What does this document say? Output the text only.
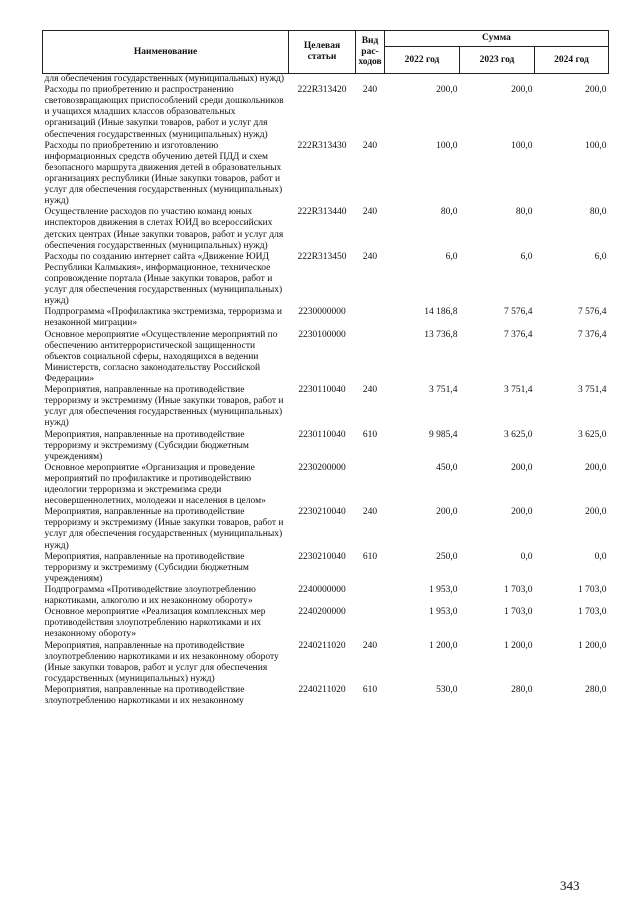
Наименование	Целевая статьи	Вид рас-ходов	Сумма		
			2022 год	2023 год	2024 год
для обеспечения государственных (муниципальных) нужд)					
Расходы по приобретению и распространению световозвращающих приспособлений среди дошкольников и учащихся младших классов образовательных организаций (Иные закупки товаров, работ и услуг для обеспечения государственных (муниципальных) нужд)	222R313420	240	200,0	200,0	200,0
Расходы по приобретению и изготовлению информационных средств обучению детей ПДД и схем безопасного маршрута движения детей в образовательных организациях республики (Иные закупки товаров, работ и услуг для обеспечения государственных (муниципальных) нужд)	222R313430	240	100,0	100,0	100,0
Осуществление расходов по участию команд юных инспекторов движения в слетах ЮИД во всероссийских детских центрах (Иные закупки товаров, работ и услуг для обеспечения государственных (муниципальных) нужд)	222R313440	240	80,0	80,0	80,0
Расходы по созданию интернет сайта «Движение ЮИД Республики Калмыкия», информационное, техническое сопровождение портала (Иные закупки товаров, работ и услуг для обеспечения государственных (муниципальных) нужд)	222R313450	240	6,0	6,0	6,0
Подпрограмма «Профилактика экстремизма, терроризма и незаконной миграции»	2230000000		14 186,8	7 576,4	7 576,4
Основное мероприятие «Осуществление мероприятий по обеспечению антитеррористической защищенности объектов социальной сферы, находящихся в ведении Министерств, согласно законодательству Российской Федерации»	2230100000		13 736,8	7 376,4	7 376,4
Мероприятия, направленные на противодействие терроризму и экстремизму (Иные закупки товаров, работ и услуг для обеспечения государственных (муниципальных) нужд)	2230110040	240	3 751,4	3 751,4	3 751,4
Мероприятия, направленные на противодействие терроризму и экстремизму (Субсидии бюджетным учреждениям)	2230110040	610	9 985,4	3 625,0	3 625,0
Основное мероприятие «Организация и проведение мероприятий по профилактике и противодействию идеологии терроризма и экстремизма среди несовершеннолетних, молодежи и населения в целом»	2230200000		450,0	200,0	200,0
Мероприятия, направленные на противодействие терроризму и экстремизму (Иные закупки товаров, работ и услуг для обеспечения государственных (муниципальных) нужд)	2230210040	240	200,0	200,0	200,0
Мероприятия, направленные на противодействие терроризму и экстремизму (Субсидии бюджетным учреждениям)	2230210040	610	250,0	0,0	0,0
Подпрограмма «Противодействие злоупотреблению наркотиками, алкоголю и их незаконному обороту»	2240000000		1 953,0	1 703,0	1 703,0
Основное мероприятие «Реализация комплексных мер противодействия злоупотреблению наркотиками и их незаконному обороту»	2240200000		1 953,0	1 703,0	1 703,0
Мероприятия, направленные на противодействие злоупотреблению наркотиками и их незаконному обороту (Иные закупки товаров, работ и услуг для обеспечения государственных (муниципальных) нужд)	2240211020	240	1 200,0	1 200,0	1 200,0
Мероприятия, направленные на противодействие злоупотреблению наркотиками и их незаконному	2240211020	610	530,0	280,0	280,0
343
